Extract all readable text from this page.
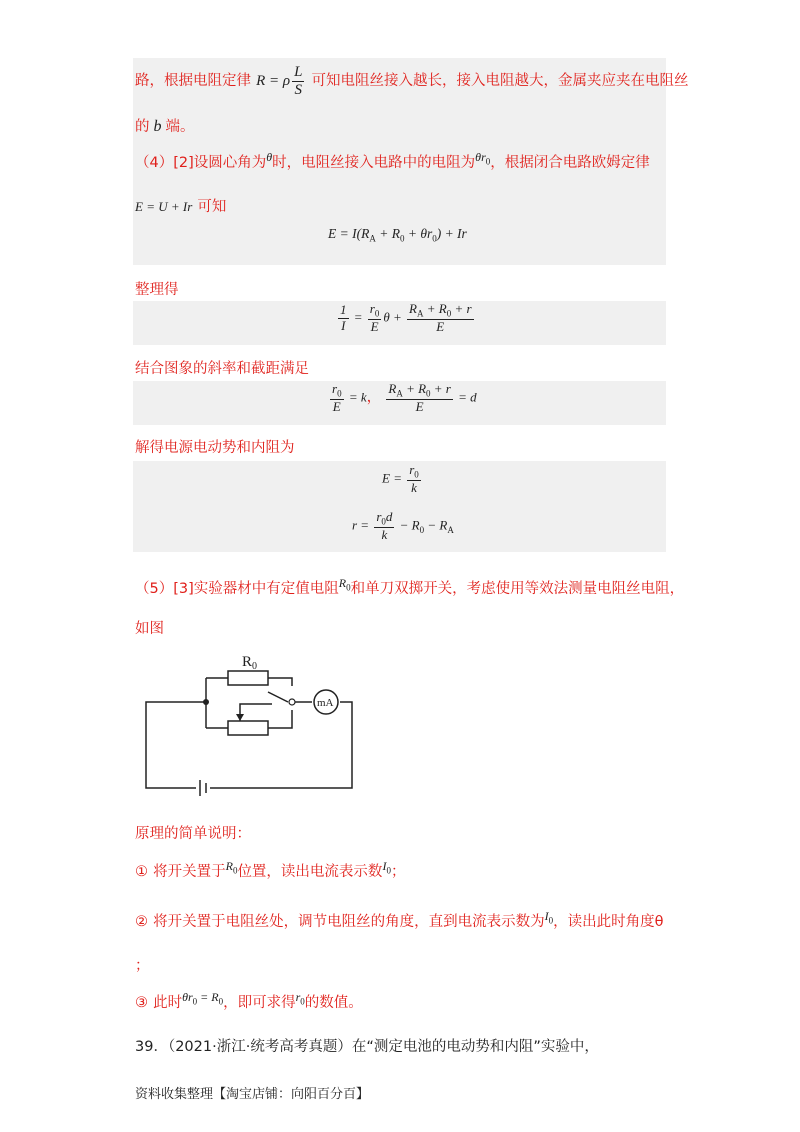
路，根据电阻定律 R = ρ $\frac{L}{S}$ 可知电阻丝接入越长，接入电阻越大，金属夹应夹在电阻丝
的 b 端。
（4）[2]设圆心角为$^\theta$时，电阻丝接入电路中的电阻为$^{\theta r_0}$，根据闭合电路欧姆定律
E = U + Ir 可知
$E = I(R_A + R_0 + \theta r_0) + Ir$
整理得
$\frac{1}{I} = \frac{r_0}{E}$ $\theta + \frac{R_A + R_0 + r}{E}$
结合图象的斜率和截距满足
$\frac{r_0}{E} = k$， $\frac{R_A + R_0 + r}{E} = d$
解得电源电动势和内阻为
$E = \frac{r_0}{k}$
$r = \frac{r_0d}{k} - R_0 - R_A$
（5）[3]实验器材中有定值电阻$^{R_0}$和单刀双掷开关，考虑使用等效法测量电阻丝电阻，
如图
$R_0$
mA
原理的简单说明：
① 将开关置于$^{R_0}$位置，读出电流表示数$^{I_0}$；
② 将开关置于电阻丝处，调节电阻丝的角度，直到电流表示数为$^{I_0}$，读出此时角度θ
；
③ 此时$^{\theta r_0 = R_0}$，即可求得$^{r_0}$的数值。
39．（2021·浙江·统考高考真题）在“测定电池的电动势和内阻”实验中，
资料收集整理【淘宝店铺：向阳百分百】
